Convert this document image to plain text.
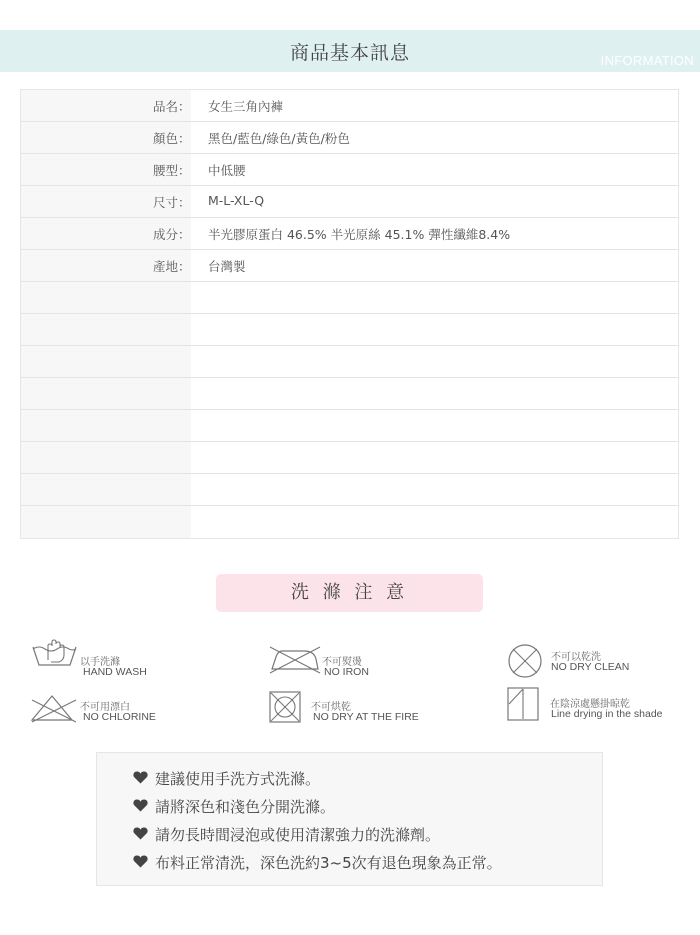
商品基本訊息	INFORMATION
品名： 女生三角內褲
顏色： 黑色/藍色/綠色/黃色/粉色
腰型： 中低腰
尺寸： M-L-XL-Q
成分： 半光膠原蛋白 46.5% 半光原絲 45.1% 彈性纖維8.4%
產地： 台灣製
洗 滌 注 意
以手洗滌
HAND WASH
不可熨燙
NO IRON
不可以乾洗
NO DRY CLEAN
不可用漂白
NO CHLORINE
不可烘乾
NO DRY AT THE FIRE
在陰涼處懸掛晾乾
Line drying in the shade
建議使用手洗方式洗滌。
請將深色和淺色分開洗滌。
請勿長時間浸泡或使用清潔強力的洗滌劑。
布料正常清洗，深色洗約3~5次有退色現象為正常。
